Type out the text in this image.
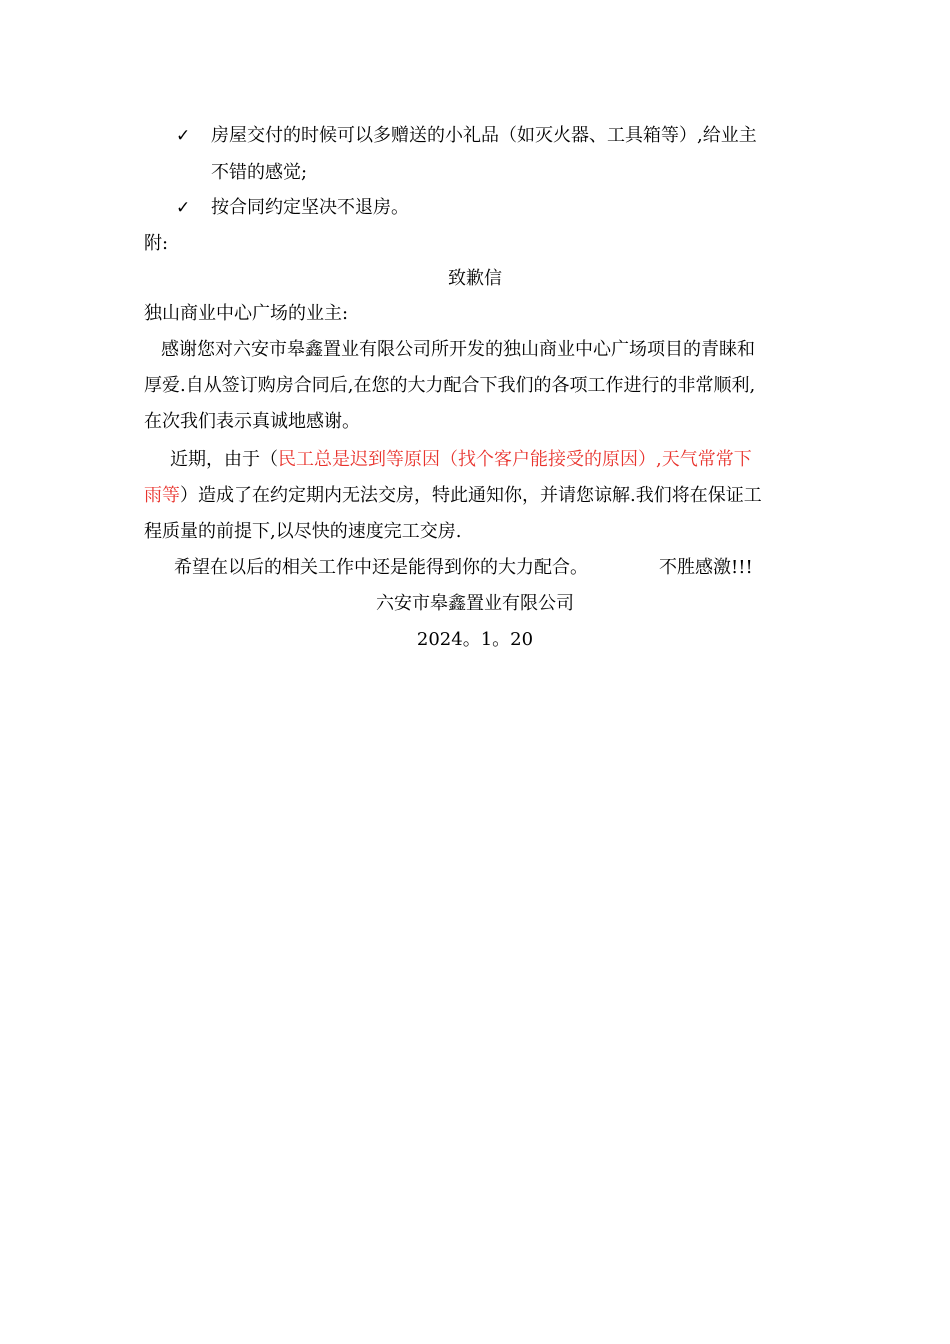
✓ 房屋交付的时候可以多赠送的小礼品（如灭火器、工具箱等）,给业主
不错的感觉;
✓ 按合同约定坚决不退房。
附:
致歉信
独山商业中心广场的业主:
感谢您对六安市皋鑫置业有限公司所开发的独山商业中心广场项目的青睐和
厚爱.自从签订购房合同后,在您的大力配合下我们的各项工作进行的非常顺利,
在次我们表示真诚地感谢。
近期，由于（民工总是迟到等原因（找个客户能接受的原因）,天气常常下
雨等）造成了在约定期内无法交房，特此通知你，并请您谅解.我们将在保证工
程质量的前提下,以尽快的速度完工交房.
希望在以后的相关工作中还是能得到你的大力配合。	不胜感激!!!
六安市皋鑫置业有限公司
2024。1。20
